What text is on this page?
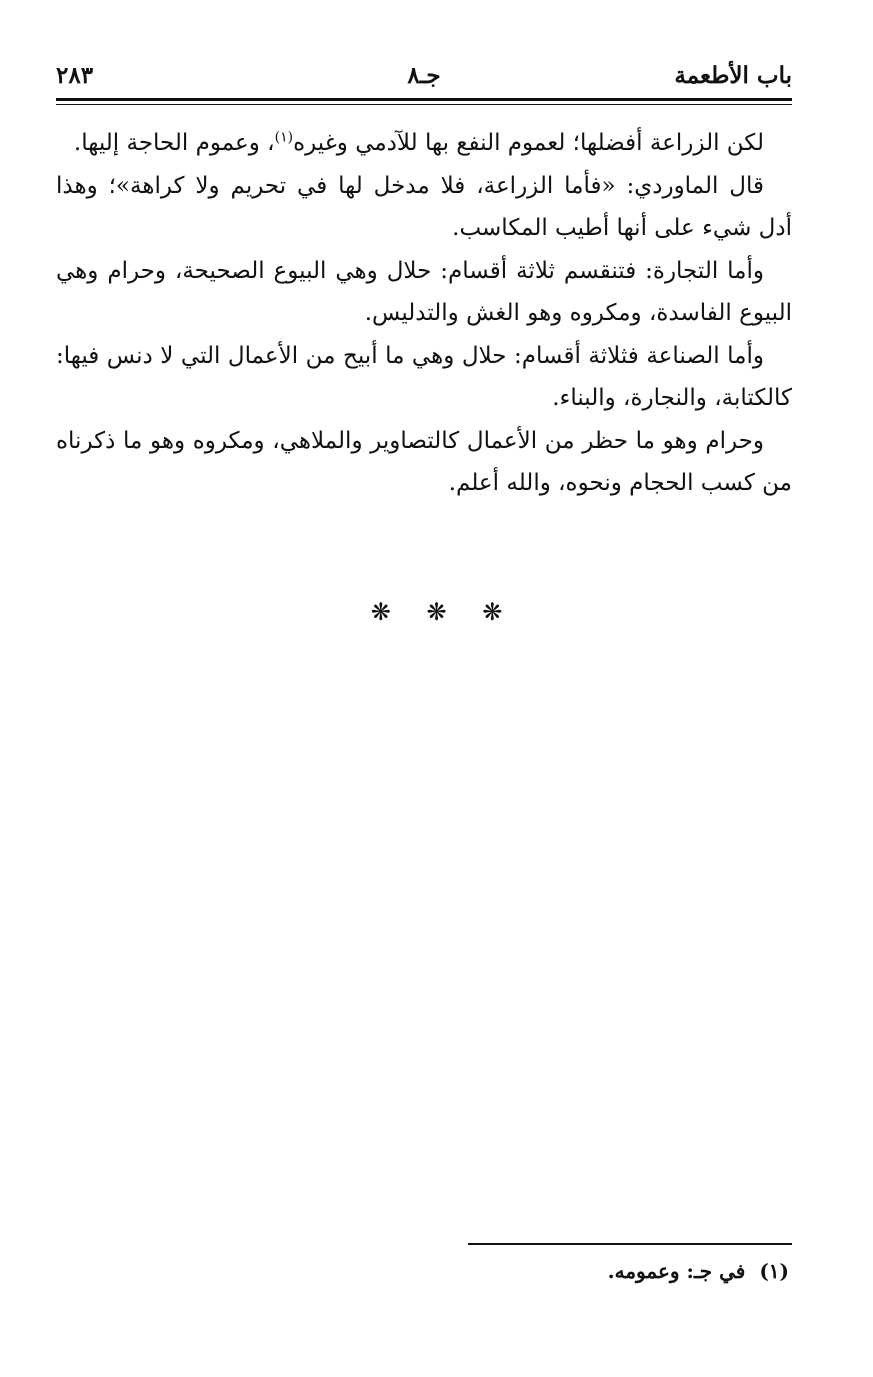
باب الأطعمة
جـ٨
٢٨٣

لكن الزراعة أفضلها؛ لعموم النفع بها للآدمي وغيره$^{(١)}$، وعموم الحاجة إليها.

قال الماوردي: «فأما الزراعة، فلا مدخل لها في تحريم ولا كراهة»؛ وهذا أدل شيء على أنها أطيب المكاسب.

وأما التجارة: فتنقسم ثلاثة أقسام: حلال وهي البيوع الصحيحة، وحرام وهي البيوع الفاسدة، ومكروه وهو الغش والتدليس.

وأما الصناعة فثلاثة أقسام: حلال وهي ما أبيح من الأعمال التي لا دنس فيها: كالكتابة، والنجارة، والبناء.

وحرام وهو ما حظر من الأعمال كالتصاوير والملاهي، ومكروه وهو ما ذكرناه من كسب الحجام ونحوه، والله أعلم.

❋ ❋ ❋
(١)في جـ: وعمومه.
